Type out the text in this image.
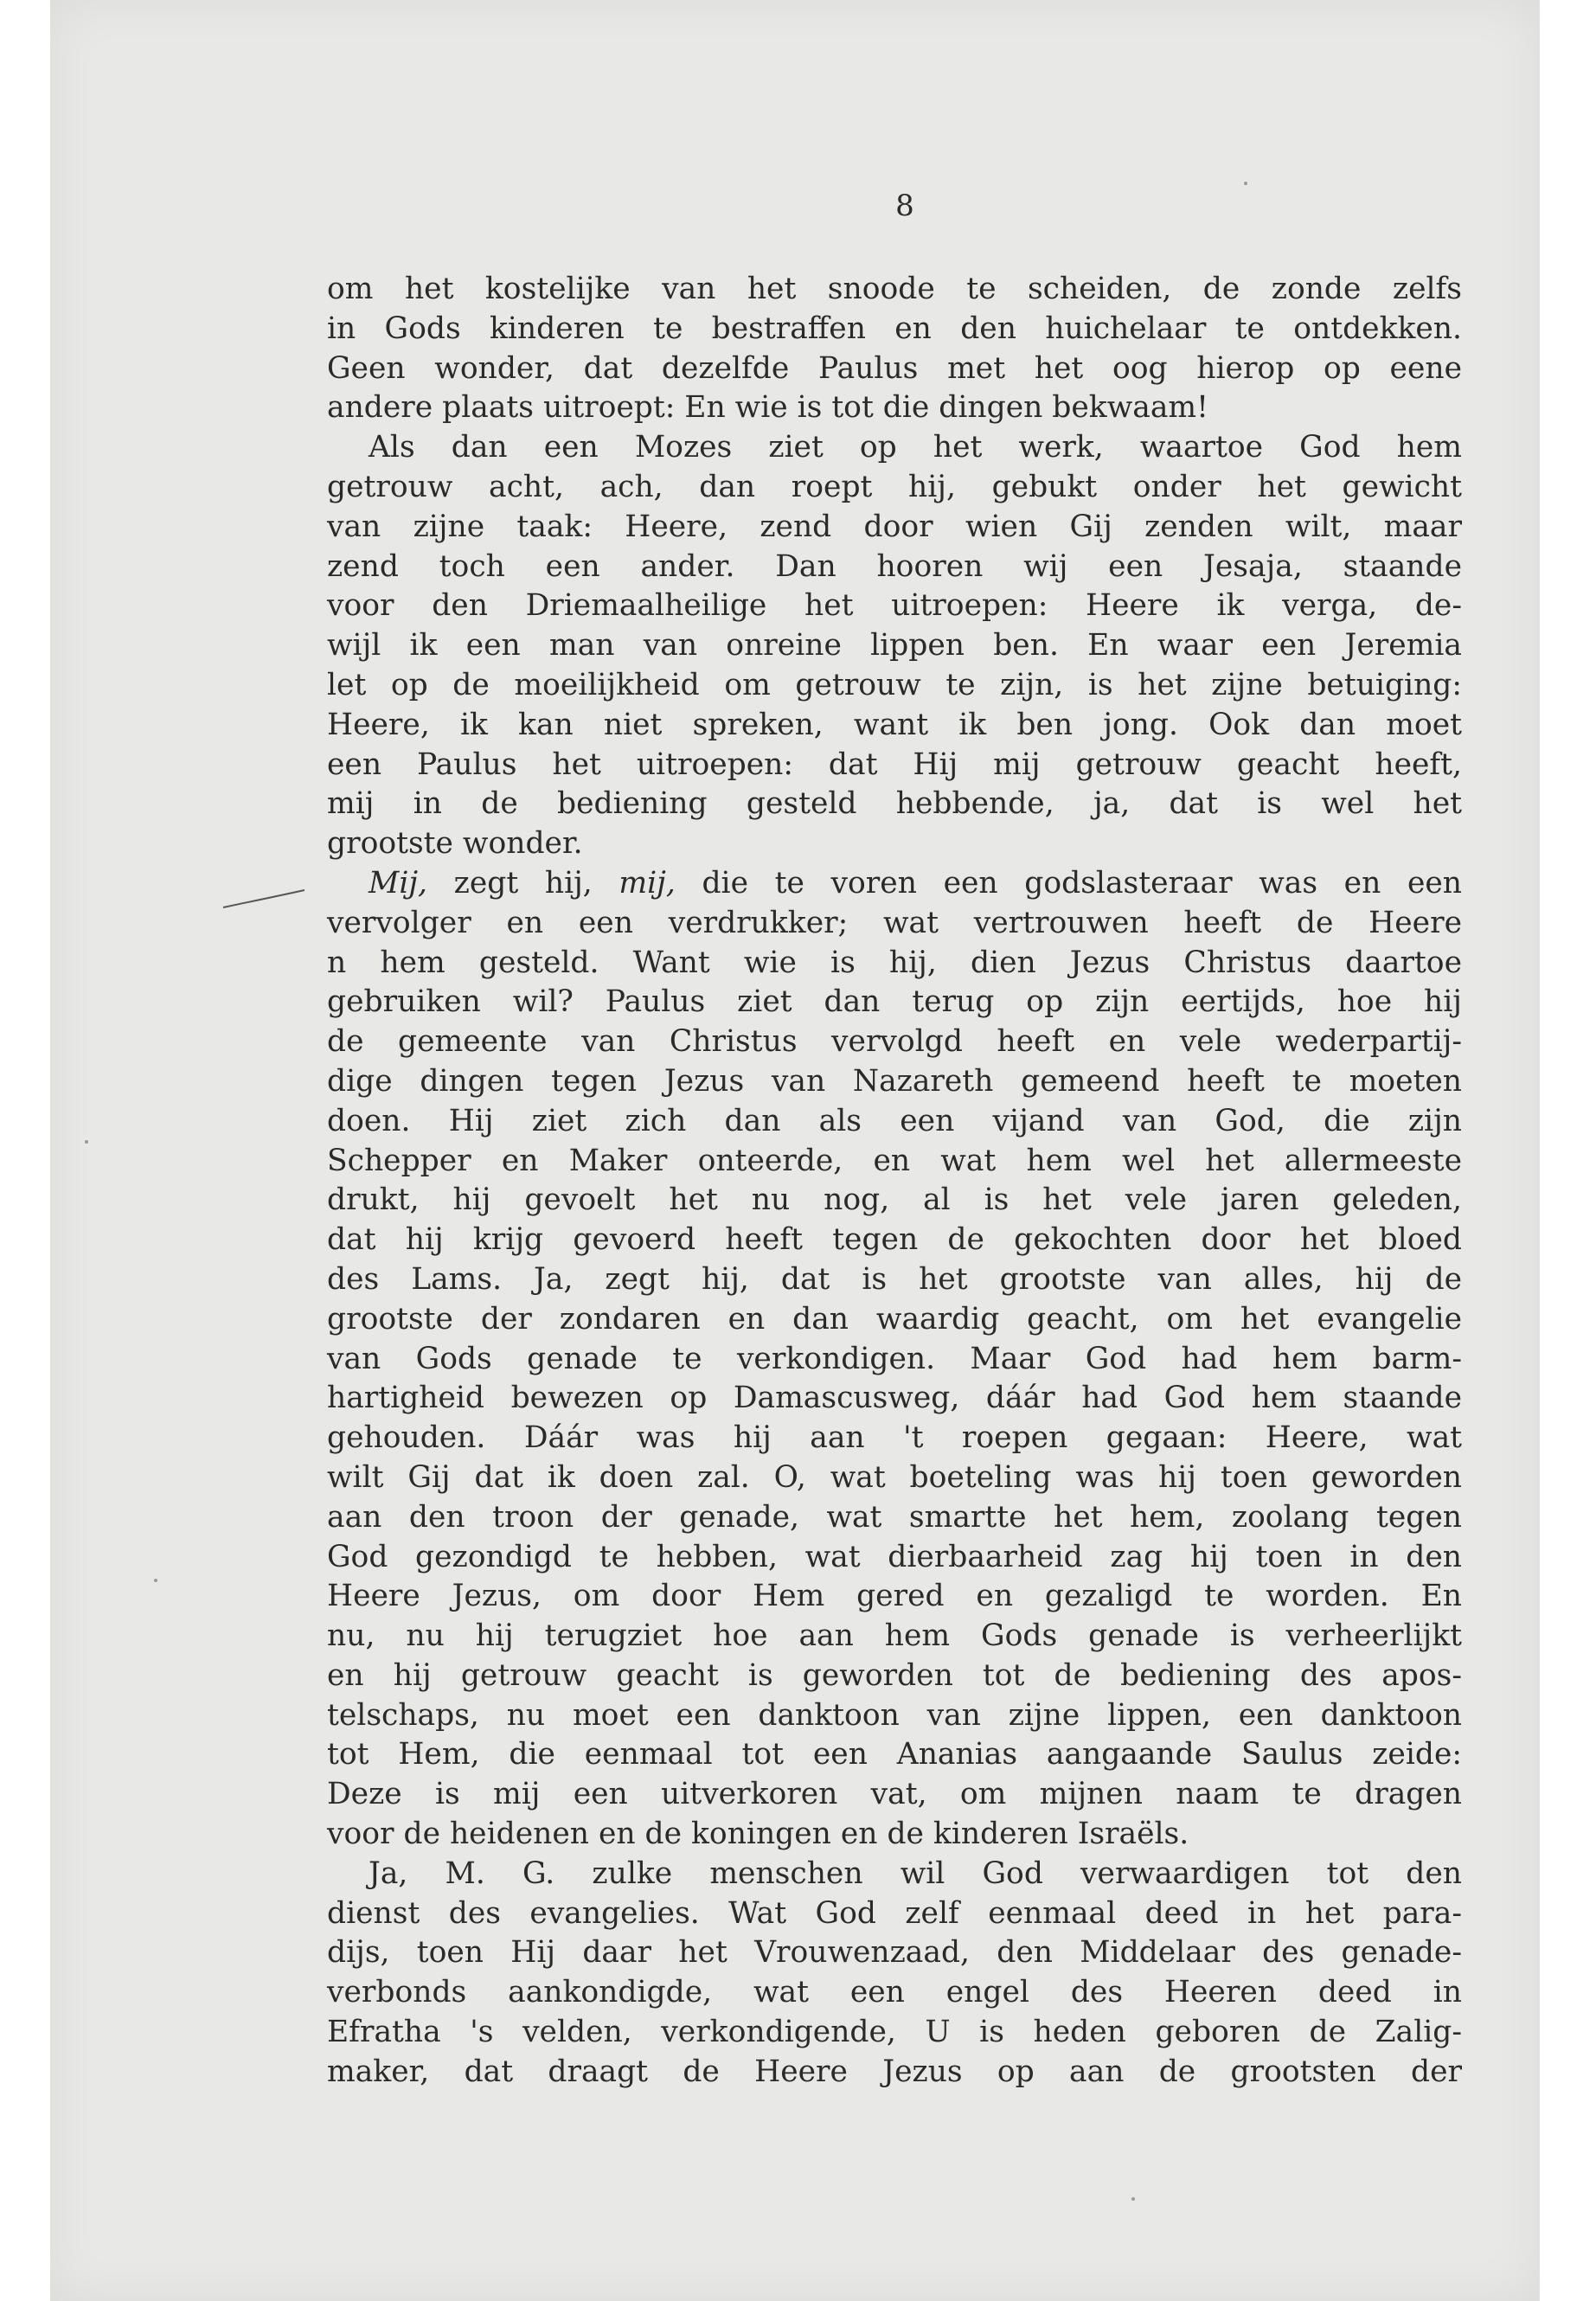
8
om het kostelijke van het snoode te scheiden, de zonde zelfs
in Gods kinderen te bestraffen en den huichelaar te ontdekken.
Geen wonder, dat dezelfde Paulus met het oog hierop op eene
andere plaats uitroept: En wie is tot die dingen bekwaam!
Als dan een Mozes ziet op het werk, waartoe God hem
getrouw acht, ach, dan roept hij, gebukt onder het gewicht
van zijne taak: Heere, zend door wien Gij zenden wilt, maar
zend toch een ander. Dan hooren wij een Jesaja, staande
voor den Driemaalheilige het uitroepen: Heere ik verga, de-
wijl ik een man van onreine lippen ben. En waar een Jeremia
let op de moeilijkheid om getrouw te zijn, is het zijne betuiging:
Heere, ik kan niet spreken, want ik ben jong. Ook dan moet
een Paulus het uitroepen: dat Hij mij getrouw geacht heeft,
mij in de bediening gesteld hebbende, ja, dat is wel het
grootste wonder.
Mij, zegt hij, mij, die te voren een godslasteraar was en een
vervolger en een verdrukker; wat vertrouwen heeft de Heere
n hem gesteld. Want wie is hij, dien Jezus Christus daartoe
gebruiken wil? Paulus ziet dan terug op zijn eertijds, hoe hij
de gemeente van Christus vervolgd heeft en vele wederpartij-
dige dingen tegen Jezus van Nazareth gemeend heeft te moeten
doen. Hij ziet zich dan als een vijand van God, die zijn
Schepper en Maker onteerde, en wat hem wel het allermeeste
drukt, hij gevoelt het nu nog, al is het vele jaren geleden,
dat hij krijg gevoerd heeft tegen de gekochten door het bloed
des Lams. Ja, zegt hij, dat is het grootste van alles, hij de
grootste der zondaren en dan waardig geacht, om het evangelie
van Gods genade te verkondigen. Maar God had hem barm-
hartigheid bewezen op Damascusweg, dáár had God hem staande
gehouden. Dáár was hij aan 't roepen gegaan: Heere, wat
wilt Gij dat ik doen zal. O, wat boeteling was hij toen geworden
aan den troon der genade, wat smartte het hem, zoolang tegen
God gezondigd te hebben, wat dierbaarheid zag hij toen in den
Heere Jezus, om door Hem gered en gezaligd te worden. En
nu, nu hij terugziet hoe aan hem Gods genade is verheerlijkt
en hij getrouw geacht is geworden tot de bediening des apos-
telschaps, nu moet een danktoon van zijne lippen, een danktoon
tot Hem, die eenmaal tot een Ananias aangaande Saulus zeide:
Deze is mij een uitverkoren vat, om mijnen naam te dragen
voor de heidenen en de koningen en de kinderen Israëls.
Ja, M. G. zulke menschen wil God verwaardigen tot den
dienst des evangelies. Wat God zelf eenmaal deed in het para-
dijs, toen Hij daar het Vrouwenzaad, den Middelaar des genade-
verbonds aankondigde, wat een engel des Heeren deed in
Efratha 's velden, verkondigende, U is heden geboren de Zalig-
maker, dat draagt de Heere Jezus op aan de grootsten der
